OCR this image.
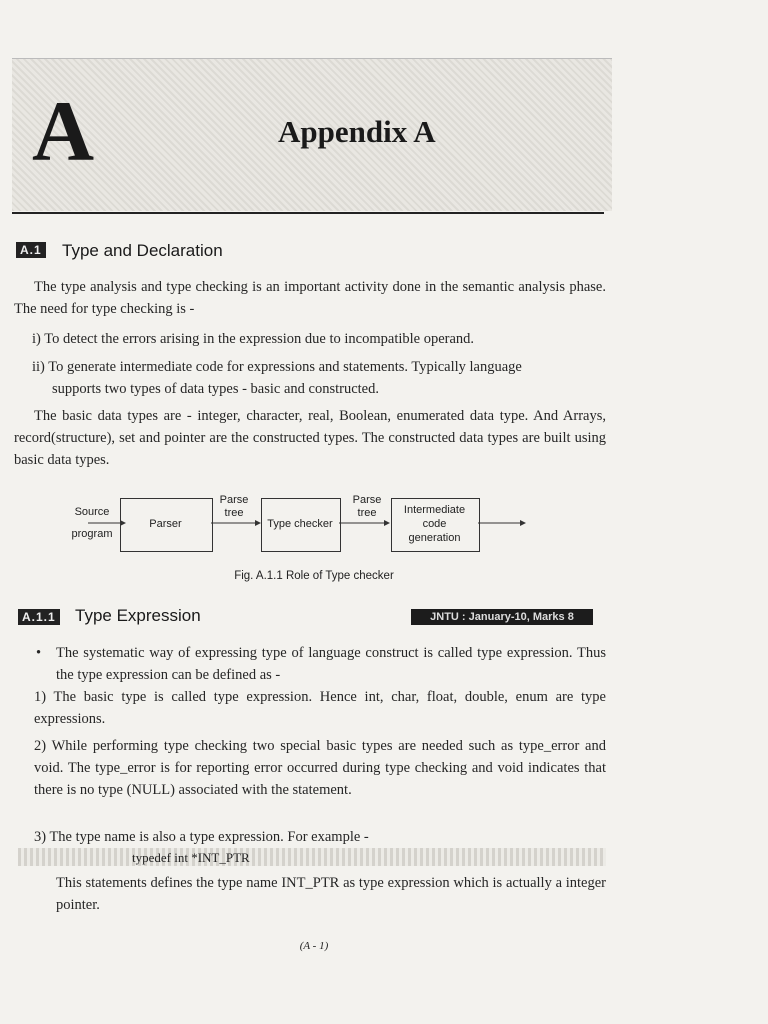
A	Appendix A
A.1 Type and Declaration
The type analysis and type checking is an important activity done in the semantic analysis phase. The need for type checking is -
i) To detect the errors arising in the expression due to incompatible operand.
ii) To generate intermediate code for expressions and statements. Typically language
supports two types of data types - basic and constructed.
The basic data types are - integer, character, real, Boolean, enumerated data type. And Arrays, record(structure), set and pointer are the constructed types. The constructed data types are built using basic data types.
Source
program
Parser
Parse
tree
Type checker
Parse
tree	Intermediate
code
generation
Fig. A.1.1 Role of Type checker
A.1.1 Type Expression	JNTU : January-10, Marks 8
•	The systematic way of expressing type of language construct is called type expression. Thus the type expression can be defined as -
1) The basic type is called type expression. Hence int, char, float, double, enum are type expressions.
2) While performing type checking two special basic types are needed such as type_error and void. The type_error is for reporting error occurred during type checking and void indicates that there is no type (NULL) associated with the statement.
3) The type name is also a type expression. For example -
typedef int *INT_PTR
This statements defines the type name INT_PTR as type expression which is actually a integer pointer.
(A - 1)
